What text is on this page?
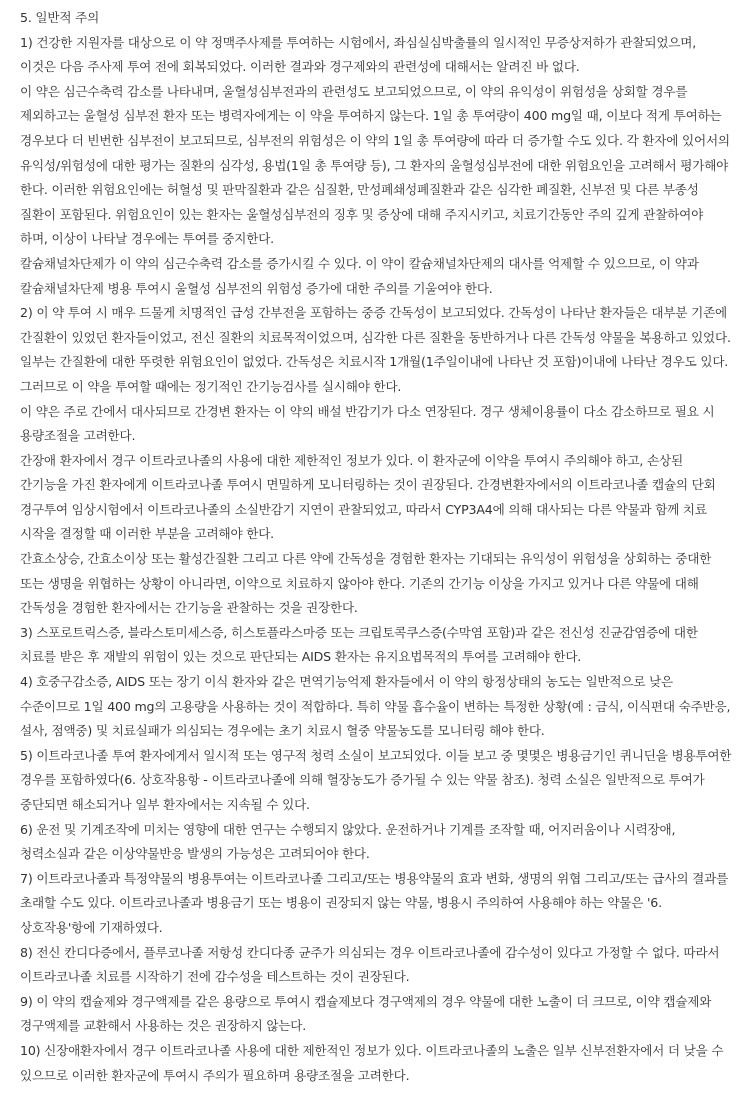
5. 일반적 주의

1) 건강한 지원자를 대상으로 이 약 정맥주사제를 투여하는 시험에서, 좌심실심박출률의 일시적인 무증상저하가 관찰되었으며, 이것은 다음 주사제 투여 전에 회복되었다. 이러한 결과와 경구제와의 관련성에 대해서는 알려진 바 없다.

이 약은 심근수축력 감소를 나타내며, 울혈성심부전과의 관련성도 보고되었으므로, 이 약의 유익성이 위험성을 상회할 경우를 제외하고는 울혈성 심부전 환자 또는 병력자에게는 이 약을 투여하지 않는다. 1일 총 투여량이 400 mg일 때, 이보다 적게 투여하는 경우보다 더 빈번한 심부전이 보고되므로, 심부전의 위험성은 이 약의 1일 총 투여량에 따라 더 증가할 수도 있다. 각 환자에 있어서의 유익성/위험성에 대한 평가는 질환의 심각성, 용법(1일 총 투여량 등), 그 환자의 울혈성심부전에 대한 위험요인을 고려해서 평가해야 한다. 이러한 위험요인에는 허혈성 및 판막질환과 같은 심질환, 만성폐쇄성폐질환과 같은 심각한 폐질환, 신부전 및 다른 부종성 질환이 포함된다. 위험요인이 있는 환자는 울혈성심부전의 징후 및 증상에 대해 주지시키고, 치료기간동안 주의 깊게 관찰하여야 하며, 이상이 나타날 경우에는 투여를 중지한다.

칼슘채널차단제가 이 약의 심근수축력 감소를 증가시킬 수 있다. 이 약이 칼슘채널차단제의 대사를 억제할 수 있으므로, 이 약과 칼슘채널차단제 병용 투여시 울혈성 심부전의 위험성 증가에 대한 주의를 기울여야 한다.

2) 이 약 투여 시 매우 드물게 치명적인 급성 간부전을 포함하는 중증 간독성이 보고되었다. 간독성이 나타난 환자들은 대부분 기존에 간질환이 있었던 환자들이었고, 전신 질환의 치료목적이었으며, 심각한 다른 질환을 동반하거나 다른 간독성 약물을 복용하고 있었다. 일부는 간질환에 대한 뚜렷한 위험요인이 없었다. 간독성은 치료시작 1개월(1주일이내에 나타난 것 포함)이내에 나타난 경우도 있다. 그러므로 이 약을 투여할 때에는 정기적인 간기능검사를 실시해야 한다.

이 약은 주로 간에서 대사되므로 간경변 환자는 이 약의 배설 반감기가 다소 연장된다. 경구 생체이용률이 다소 감소하므로 필요 시 용량조절을 고려한다.

간장애 환자에서 경구 이트라코나졸의 사용에 대한 제한적인 정보가 있다. 이 환자군에 이약을 투여시 주의해야 하고, 손상된 간기능을 가진 환자에게 이트라코나졸 투여시 면밀하게 모니터링하는 것이 권장된다. 간경변환자에서의 이트라코나졸 캡슐의 단회 경구투여 임상시험에서 이트라코나졸의 소실반감기 지연이 관찰되었고, 따라서 CYP3A4에 의해 대사되는 다른 약물과 함께 치료 시작을 결정할 때 이러한 부분을 고려해야 한다.

간효소상승, 간효소이상 또는 활성간질환 그리고 다른 약에 간독성을 경험한 환자는 기대되는 유익성이 위험성을 상회하는 중대한 또는 생명을 위협하는 상황이 아니라면, 이약으로 치료하지 않아야 한다. 기존의 간기능 이상을 가지고 있거나 다른 약물에 대해 간독성을 경험한 환자에서는 간기능을 관찰하는 것을 권장한다.

3) 스포로트릭스증, 블라스토미세스증, 히스토플라스마증 또는 크립토콕쿠스증(수막염 포함)과 같은 전신성 진균감염증에 대한 치료를 받은 후 재발의 위험이 있는 것으로 판단되는 AIDS 환자는 유지요법목적의 투여를 고려해야 한다.

4) 호중구감소증, AIDS 또는 장기 이식 환자와 같은 면역기능억제 환자들에서 이 약의 항정상태의 농도는 일반적으로 낮은 수준이므로 1일 400 mg의 고용량을 사용하는 것이 적합하다. 특히 약물 흡수율이 변하는 특정한 상황(예 : 금식, 이식편대 숙주반응, 설사, 점액중) 및 치료실패가 의심되는 경우에는 초기 치료시 혈중 약물농도를 모니터링 해야 한다.

5) 이트라코나졸 투여 환자에게서 일시적 또는 영구적 청력 소실이 보고되었다. 이들 보고 중 몇몇은 병용금기인 퀴니딘을 병용투여한 경우를 포함하였다(6. 상호작용항 - 이트라코나졸에 의해 혈장농도가 증가될 수 있는 약물 참조). 청력 소실은 일반적으로 투여가 중단되면 해소되거나 일부 환자에서는 지속될 수 있다.

6) 운전 및 기계조작에 미치는 영향에 대한 연구는 수행되지 않았다. 운전하거나 기계를 조작할 때, 어지러움이나 시력장애, 청력소실과 같은 이상약물반응 발생의 가능성은 고려되어야 한다.

7) 이트라코나졸과 특정약물의 병용투여는 이트라코나졸 그리고/또는 병용약물의 효과 변화, 생명의 위협 그리고/또는 급사의 결과를 초래할 수도 있다. 이트라코나졸과 병용금기 또는 병용이 권장되지 않는 약물, 병용시 주의하여 사용해야 하는 약물은 '6. 상호작용'항에 기재하였다.

8) 전신 칸디다증에서, 플루코나졸 저항성 칸디다종 균주가 의심되는 경우 이트라코나졸에 감수성이 있다고 가정할 수 없다. 따라서 이트라코나졸 치료를 시작하기 전에 감수성을 테스트하는 것이 권장된다.

9) 이 약의 캡슐제와 경구액제를 같은 용량으로 투여시 캡슐제보다 경구액제의 경우 약물에 대한 노출이 더 크므로, 이약 캡슐제와 경구액제를 교환해서 사용하는 것은 권장하지 않는다.

10) 신장애환자에서 경구 이트라코나졸 사용에 대한 제한적인 정보가 있다. 이트라코나졸의 노출은 일부 신부전환자에서 더 낮을 수 있으므로 이러한 환자군에 투여시 주의가 필요하며 용량조절을 고려한다.
